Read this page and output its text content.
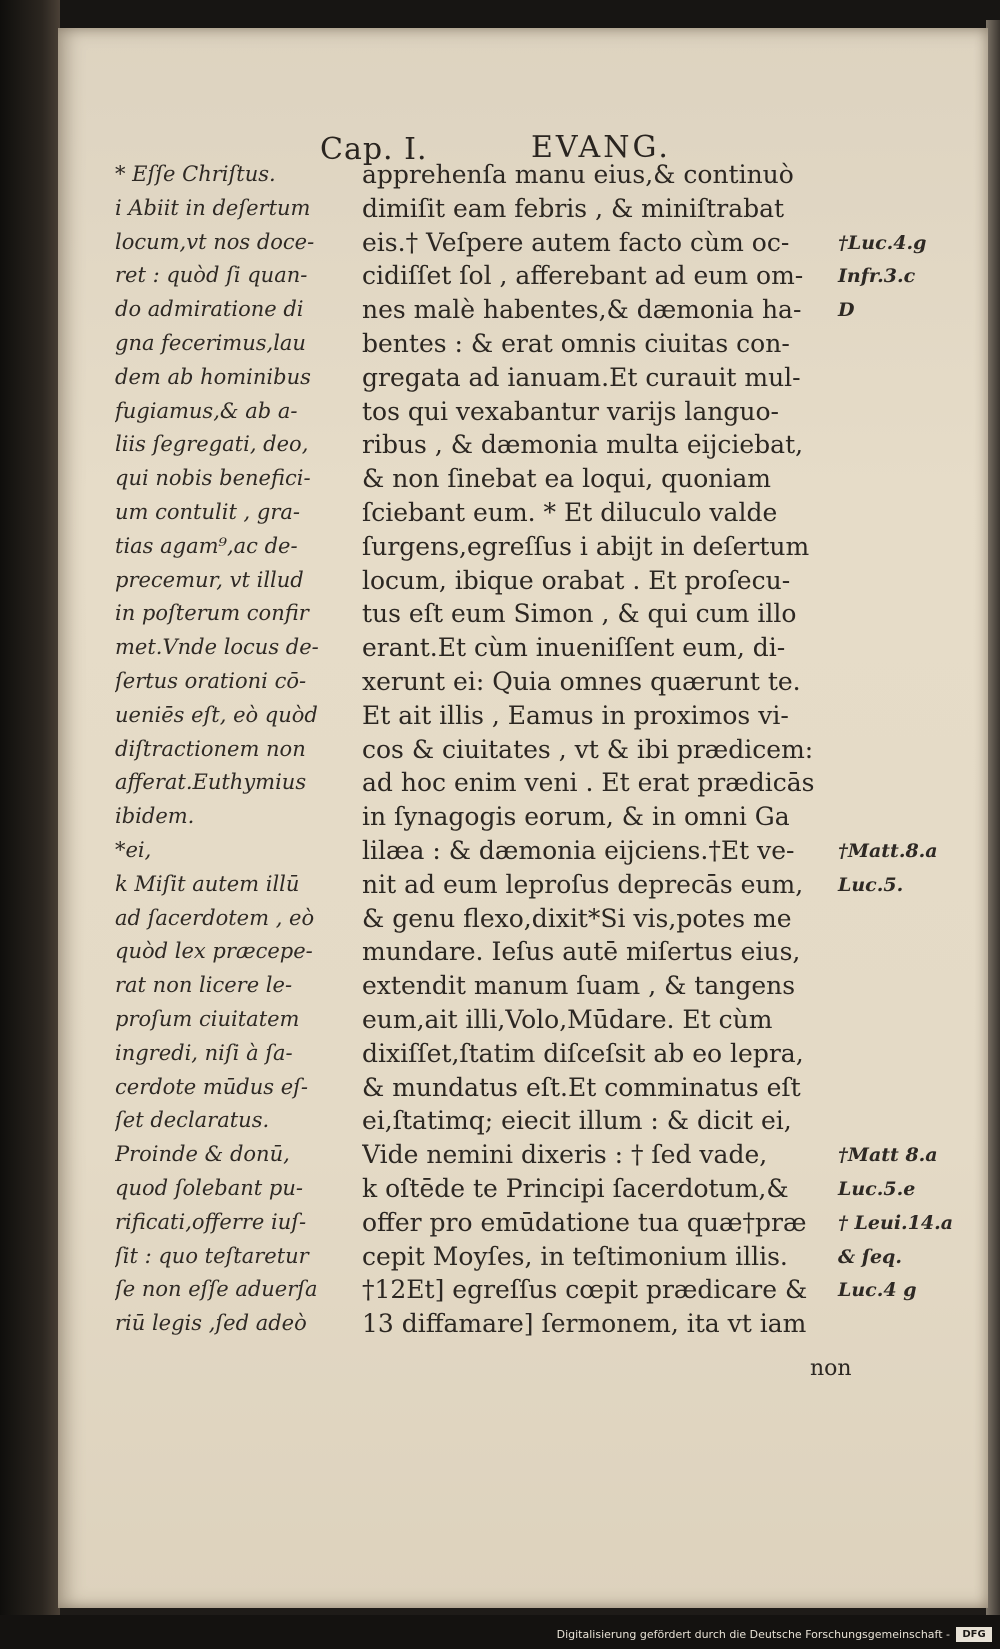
Cap. I.	EVANG.
* Eſſe Chriſtus.
i Abiit in deſertum
locum,vt nos doce-
ret : quòd ſi quan-
do admiratione di
gna fecerimus,lau
dem ab hominibus
fugiamus,& ab a-
liis ſegregati, deo,
qui nobis benefici-
um contulit , gra-
tias agam⁹,ac de-
precemur, vt illud
in poſterum confir
met.Vnde locus de-
ſertus orationi cō-
ueniēs eſt, eò quòd
diſtractionem non
afferat.Euthymius
ibidem.
*ei,
k Miſit autem illū
ad ſacerdotem , eò
quòd lex præcepe-
rat non licere le-
proſum ciuitatem
ingredi, niſi à ſa-
cerdote mūdus eſ-
ſet declaratus.
Proinde & donū,
quod ſolebant pu-
rificati,offerre iuſ-
ſit : quo teſtaretur
ſe non eſſe aduerſa
riū legis ,ſed adeò
apprehenſa manu eius,& continuò
dimiſit eam febris , & miniſtrabat
eis.† Veſpere autem facto cùm oc-
cidiſſet ſol , afferebant ad eum om-
nes malè habentes,& dæmonia ha-
bentes : & erat omnis ciuitas con-
gregata ad ianuam.Et curauit mul-
tos qui vexabantur varijs languo-
ribus , & dæmonia multa eijciebat,
& non ſinebat ea loqui, quoniam
ſciebant eum. * Et diluculo valde
ſurgens,egreſſus i abijt in deſertum
locum, ibique orabat . Et proſecu-
tus eſt eum Simon , & qui cum illo
erant.Et cùm inueniſſent eum, di-
xerunt ei: Quia omnes quærunt te.
Et ait illis , Eamus in proximos vi-
cos & ciuitates , vt & ibi prædicem:
ad hoc enim veni . Et erat prædicās
in ſynagogis eorum, & in omni Ga
lilæa : & dæmonia eijciens.†Et ve-
nit ad eum leproſus deprecās eum,
& genu flexo,dixit*Si vis,potes me
mundare. Ieſus autē miſertus eius,
extendit manum ſuam , & tangens
eum,ait illi,Volo,Mūdare. Et cùm
dixiſſet,ſtatim diſceſsit ab eo lepra,
& mundatus eſt.Et comminatus eſt
ei,ſtatimq; eiecit illum : & dicit ei,
Vide nemini dixeris : † ſed vade,
k oſtēde te Principi ſacerdotum,&
offer pro emūdatione tua quæ†præ
cepit Moyſes, in teſtimonium illis.
†12Et] egreſſus cœpit prædicare &
13 diffamare] ſermonem, ita vt iam
†Luc.4.g
Infr.3.c
D
†Matt.8.a
Luc.5.
†Matt 8.a
Luc.5.e
† Leui.14.a
& ſeq.
Luc.4 g
non
Digitalisierung gefördert durch die Deutsche Forschungsgemeinschaft -	DFG
